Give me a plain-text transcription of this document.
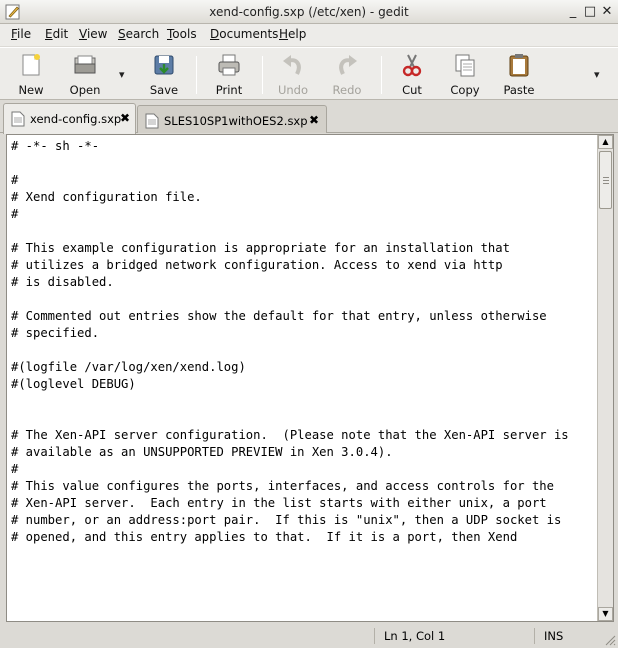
xend-config.sxp (/etc/xen) - gedit	_ □ ✕
File Edit View Search Tools Documents Help
New	Open
▾
Save	Print	Undo	Redo	Cut	Copy	Paste
▾
xend-config.sxp
✖	SLES10SP1withOES2.sxp ✖
# -*- sh -*-
#
# Xend configuration file.
#
# This example configuration is appropriate for an installation that
# utilizes a bridged network configuration. Access to xend via http
# is disabled.
# Commented out entries show the default for that entry, unless otherwise
# specified.
#(logfile /var/log/xen/xend.log)
#(loglevel DEBUG)
# The Xen-API server configuration.  (Please note that the Xen-API server is
# available as an UNSUPPORTED PREVIEW in Xen 3.0.4).
#
# This value configures the ports, interfaces, and access controls for the
# Xen-API server.  Each entry in the list starts with either unix, a port
# number, or an address:port pair.  If this is "unix", then a UDP socket is
# opened, and this entry applies to that.  If it is a port, then Xend
▲
▼
Ln 1, Col 1	INS
